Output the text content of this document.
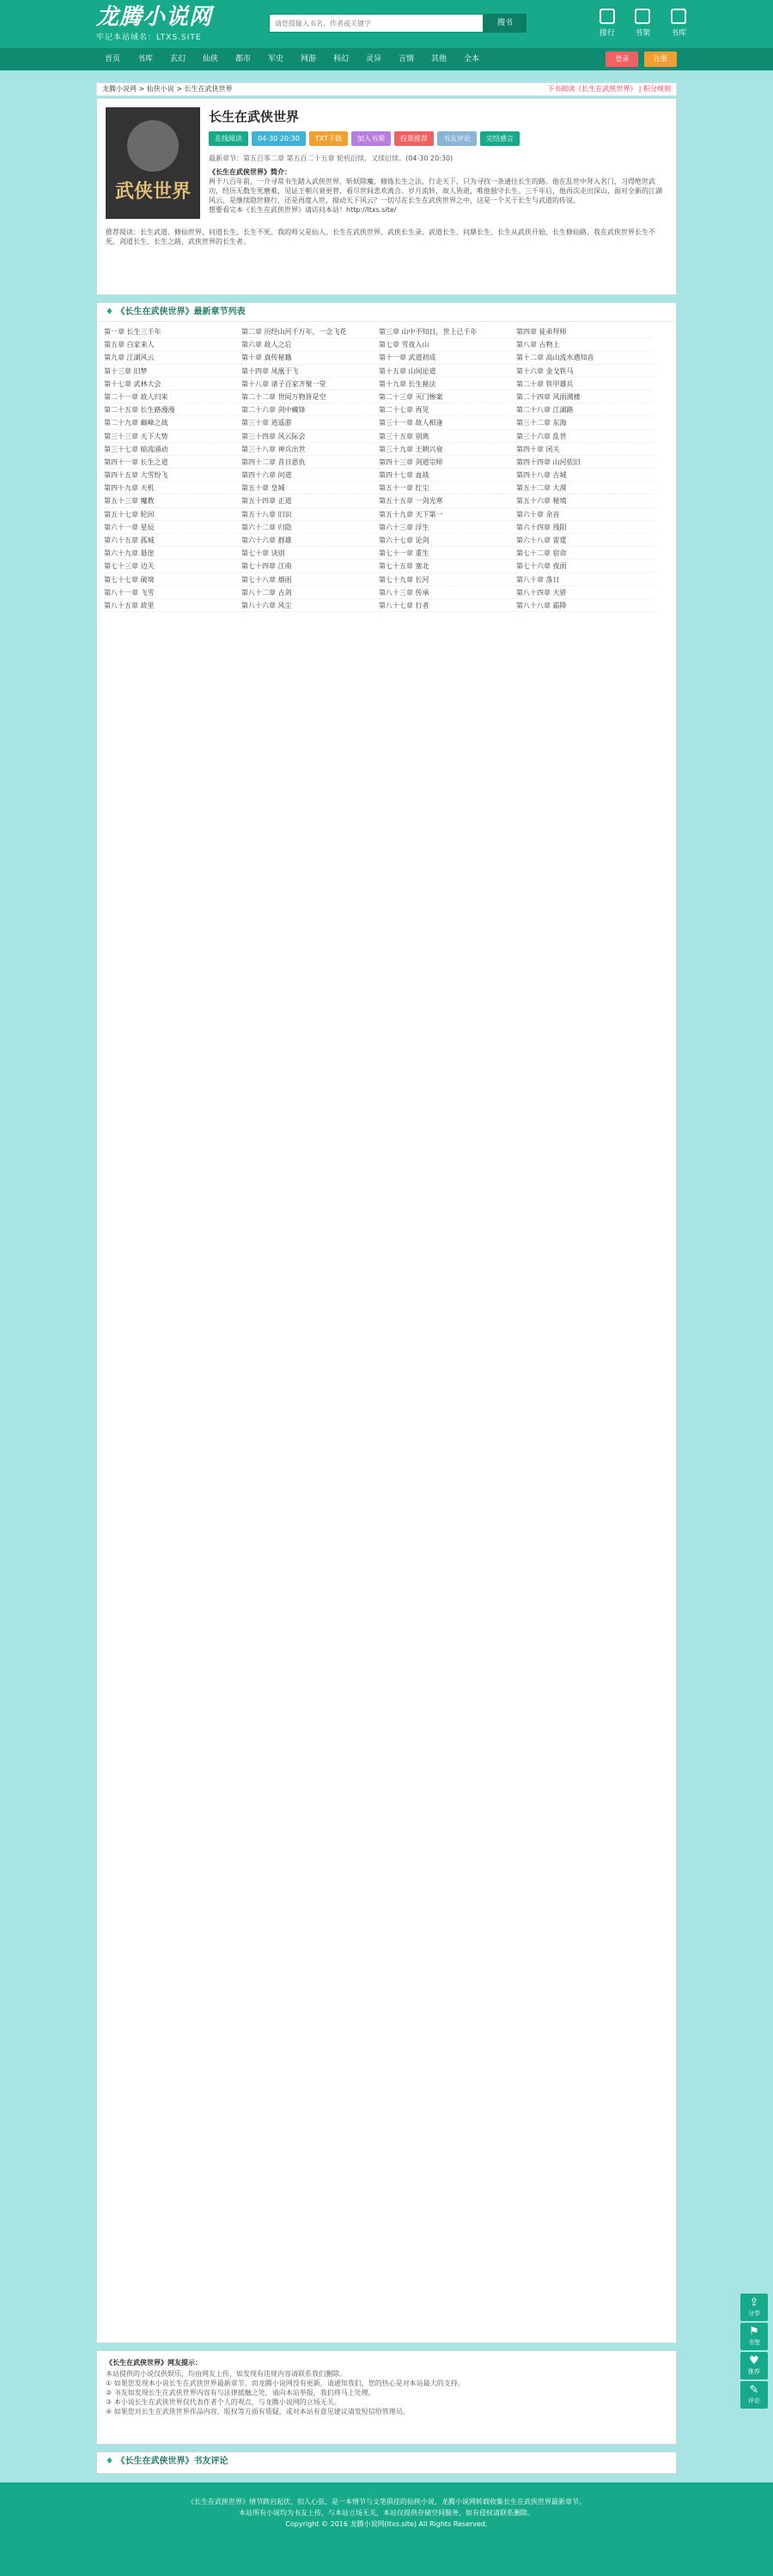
龙腾小说网
牢记本站域名：LTXS.SITE
请您提输入书名、作者或关键字
搜书
排行	书架	书库
首页 书库 玄幻 仙侠 都市 军史 网游 科幻 灵异 言情 其他 全本	登录	注册
龙腾小说网 > 仙侠小说 > 长生在武侠世界	下书阅读《长生在武侠世界》 | 积分规则
武侠世界
长生在武侠世界
在线阅读 04-30 20:30 TXT下载 加入书架 投票推荐 书友评论 完结感言
最新章节：第五百零二章 第五百二十五章 轮机衍续，又续衍续。(04-30 20:30)
《长生在武侠世界》简介：
两千八百年前，一介寻常书生踏入武侠世界，斩妖除魔，修炼长生之法，行走天下，只为寻找一条通往长生的路。他在乱世中拜入名门，习得绝世武功，经历无数生死磨难，见证王朝兴衰更替，看尽世间悲欢离合。岁月流转，故人皆逝，唯他独守长生。三千年后，他再次走出深山，面对全新的江湖风云，是继续隐世修行，还是再度入世，搅动天下风云？一切尽在长生在武侠世界之中，这是一个关于长生与武道的传说。
想要看完本《长生在武侠世界》请访问本站！http://ltxs.site/
推荐阅读：长生武道、修仙世界、问道长生、长生不死、我的师父是仙人、长生在武侠世界、武侠长生录、武道长生、问鼎长生、长生从武侠开始、长生修仙路、我在武侠世界长生不死、剑道长生、长生之路、武侠世界的长生者。
♦ 《长生在武侠世界》最新章节列表
第一章 长生三千年	第二章 历经山河千万年，一念飞花	第三章 山中不知日，世上已千年	第四章 徒弟拜师
第五章 白家来人	第六章 故人之后	第七章 雪夜入山	第八章 古物上
第九章 江湖风云	第十章 真传秘籍	第十一章 武道初成	第十二章 高山流水遇知音
第十三章 旧梦	第十四章 凤凰于飞	第十五章 山间论道	第十六章 金戈铁马
第十七章 武林大会	第十八章 诸子百家齐聚一堂	第十九章 长生秘法	第二十章 铁甲雄兵
第二十一章 故人归来	第二十二章 世间万物皆是空	第二十三章 灭门惨案	第二十四章 风雨满楼
第二十五章 长生路漫漫	第二十六章 剑中藏锋	第二十七章 再见	第二十八章 江湖路
第二十九章 巅峰之战	第三十章 逍遥游	第三十一章 故人相逢	第三十二章 东海
第三十三章 天下大势	第三十四章 风云际会	第三十五章 别离	第三十六章 乱世
第三十七章 暗流涌动	第三十八章 神兵出世	第三十九章 王朝兴衰	第四十章 闭关
第四十一章 长生之道	第四十二章 昔日恩仇	第四十三章 剑道宗师	第四十四章 山河依旧
第四十五章 大雪纷飞	第四十六章 问道	第四十七章 血战	第四十八章 古城
第四十九章 天机	第五十章 皇城	第五十一章 红尘	第五十二章 大漠
第五十三章 魔教	第五十四章 正道	第五十五章 一剑光寒	第五十六章 秘境
第五十七章 轮回	第五十八章 旧识	第五十九章 天下第一	第六十章 余音
第六十一章 星辰	第六十二章 归隐	第六十三章 浮生	第六十四章 残阳
第六十五章 孤城	第六十六章 群雄	第六十七章 论剑	第六十八章 雷霆
第六十九章 悬崖	第七十章 诀别	第七十一章 重生	第七十二章 宿命
第七十三章 边关	第七十四章 江南	第七十五章 塞北	第七十六章 夜雨
第七十七章 破境	第七十八章 烟雨	第七十九章 长河	第八十章 落日
第八十一章 飞雪	第八十二章 古剑	第八十三章 传承	第八十四章 天骄
第八十五章 故里	第八十六章 风尘	第八十七章 行者	第八十八章 霜降
《长生在武侠世界》网友提示：
本站提供的小说仅供娱乐，均由网友上传，如发现有违规内容请联系我们删除。
① 如果您发现本小说长生在武侠世界最新章节，而龙腾小说网没有更新，请通知我们，您的热心是对本站最大的支持。
② 书友如发现长生在武侠世界内容有与法律抵触之处，请向本站举报，我们将马上处理。
③ 本小说长生在武侠世界仅代表作者个人的观点，与龙腾小说网的立场无关。
④ 如果您对长生在武侠世界作品内容、版权等方面有质疑，或对本站有意见建议请发短信给管理员。
♦ 《长生在武侠世界》书友评论
《长生在武侠世界》情节跌宕起伏、扣人心弦，是一本情节与文笔俱佳的仙侠小说，龙腾小说网转载收集长生在武侠世界最新章节。
本站所有小说均为书友上传，与本站立场无关，本站仅提供存储空间服务，如有侵权请联系删除。
Copyright © 2016 龙腾小说网(ltxs.site) All Rights Reserved.
⇪
分享
⚑
书签
♥
推荐
✎
评论
